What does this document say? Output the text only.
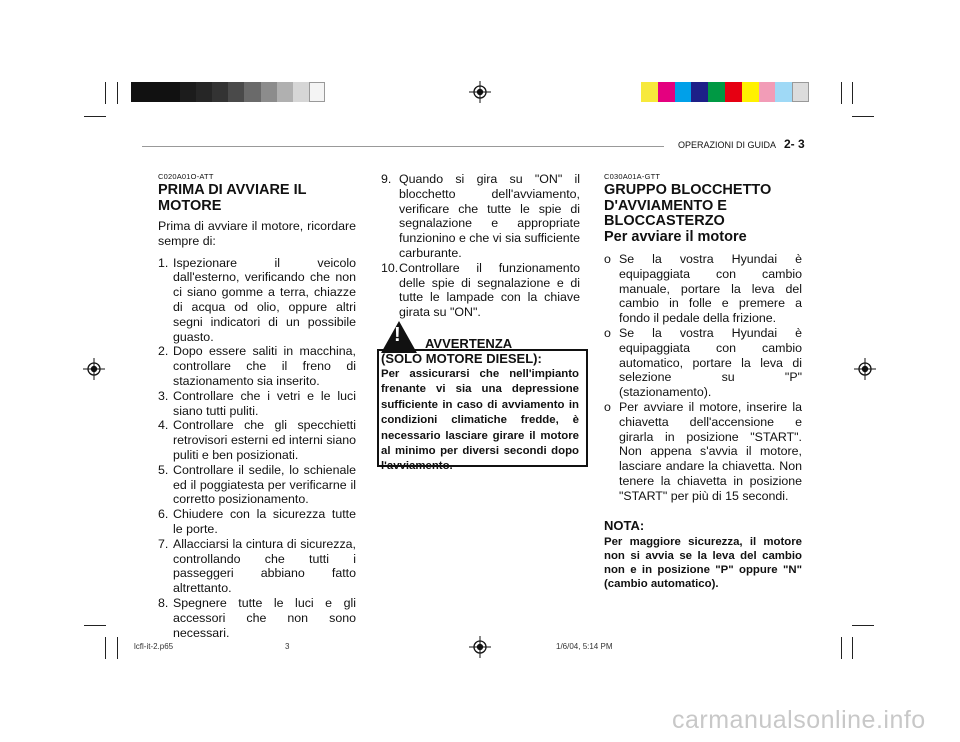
OPERAZIONI DI GUIDA 2- 3
C020A01O-ATT
PRIMA DI AVVIARE IL MOTORE
Prima di avviare il motore, ricordare sempre di:
1. Ispezionare il veicolo dall'esterno, verificando che non ci siano gomme a terra, chiazze di acqua od olio, oppure altri segni indicatori di un possibile guasto.
2. Dopo essere saliti in macchina, controllare che il freno di stazionamento sia inserito.
3. Controllare che i vetri e le luci siano tutti puliti.
4. Controllare che gli specchietti retrovisori esterni ed interni siano puliti e ben posizionati.
5. Controllare il sedile, lo schienale ed il poggiatesta per verificarne il corretto posizionamento.
6. Chiudere con la sicurezza tutte le porte.
7. Allacciarsi la cintura di sicurezza, controllando che tutti i passeggeri abbiano fatto altrettanto.
8. Spegnere tutte le luci e gli accessori che non sono necessari.
9. Quando si gira su "ON" il blocchetto dell'avviamento, verificare che tutte le spie di segnalazione e appropriate funzionino e che vi sia sufficiente carburante.
10. Controllare il funzionamento delle spie di segnalazione e di tutte le lampade con la chiave girata su "ON".
! AVVERTENZA
(SOLO MOTORE DIESEL):
Per assicurarsi che nell'impianto frenante vi sia una depressione sufficiente in caso di avviamento in condizioni climatiche fredde, è necessario lasciare girare il motore al minimo per diversi secondi dopo l'avviamento.
C030A01A-GTT
GRUPPO BLOCCHETTO
D'AVVIAMENTO E
BLOCCASTERZO
Per avviare il motore
o Se la vostra Hyundai è equipaggiata con cambio manuale, portare la leva del cambio in folle e premere a fondo il pedale della frizione.
o Se la vostra Hyundai è equipaggiata con cambio automatico, portare la leva di selezione su "P" (stazionamento).
o Per avviare il motore, inserire la chiavetta dell'accensione e girarla in posizione "START". Non appena s'avvia il motore, lasciare andare la chiavetta. Non tenere la chiavetta in posizione "START" per più di 15 secondi.
NOTA:
Per maggiore sicurezza, il motore non si avvia se la leva del cambio non e in posizione "P" oppure "N" (cambio automatico).
lcfl-it-2.p65	3	1/6/04, 5:14 PM
carmanualsonline.info
